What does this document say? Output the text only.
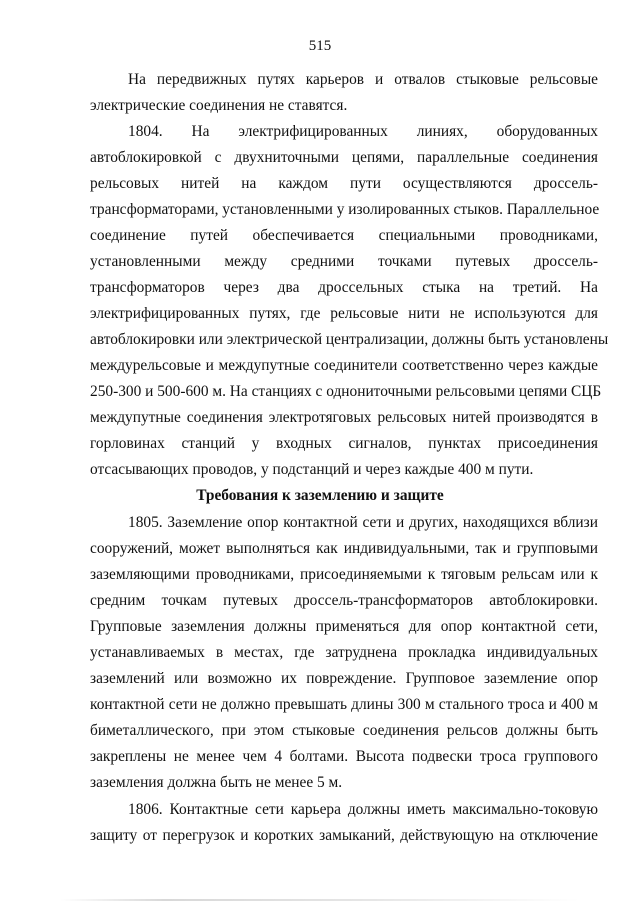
515
На передвижных путях карьеров и отвалов стыковые рельсовые
электрические соединения не ставятся.
1804. На электрифицированных линиях, оборудованных
автоблокировкой с двухниточными цепями, параллельные соединения
рельсовых нитей на каждом пути осуществляются дроссель-
трансформаторами, установленными у изолированных стыков. Параллельное
соединение путей обеспечивается специальными проводниками,
установленными между средними точками путевых дроссель-
трансформаторов через два дроссельных стыка на третий. На
электрифицированных путях, где рельсовые нити не используются для
автоблокировки или электрической централизации, должны быть установлены
междурельсовые и междупутные соединители соответственно через каждые
250-300 и 500-600 м. На станциях с однониточными рельсовыми цепями СЦБ
междупутные соединения электротяговых рельсовых нитей производятся в
горловинах станций у входных сигналов, пунктах присоединения
отсасывающих проводов, у подстанций и через каждые 400 м пути.
Требования к заземлению и защите
1805. Заземление опор контактной сети и других, находящихся вблизи
сооружений, может выполняться как индивидуальными, так и групповыми
заземляющими проводниками, присоединяемыми к тяговым рельсам или к
средним точкам путевых дроссель-трансформаторов автоблокировки.
Групповые заземления должны применяться для опор контактной сети,
устанавливаемых в местах, где затруднена прокладка индивидуальных
заземлений или возможно их повреждение. Групповое заземление опор
контактной сети не должно превышать длины 300 м стального троса и 400 м
биметаллического, при этом стыковые соединения рельсов должны быть
закреплены не менее чем 4 болтами. Высота подвески троса группового
заземления должна быть не менее 5 м.
1806. Контактные сети карьера должны иметь максимально-токовую
защиту от перегрузок и коротких замыканий, действующую на отключение
